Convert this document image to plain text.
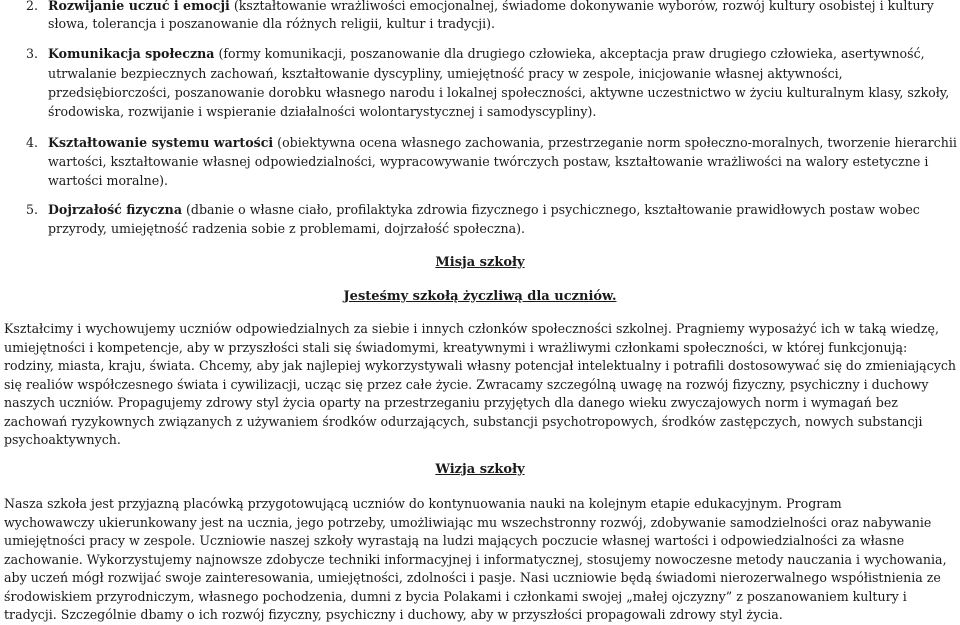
2. Rozwijanie uczuć i emocji (kształtowanie wrażliwości emocjonalnej, świadome dokonywanie wyborów, rozwój kultury osobistej i kultury
słowa, tolerancja i poszanowanie dla różnych religii, kultur i tradycji).
3. Komunikacja społeczna (formy komunikacji, poszanowanie dla drugiego człowieka, akceptacja praw drugiego człowieka, asertywność,
utrwalanie bezpiecznych zachowań, kształtowanie dyscypliny, umiejętność pracy w zespole, inicjowanie własnej aktywności,
przedsiębiorczości, poszanowanie dorobku własnego narodu i lokalnej społeczności, aktywne uczestnictwo w życiu kulturalnym klasy, szkoły,
środowiska, rozwijanie i wspieranie działalności wolontarystycznej i samodyscypliny).
4. Kształtowanie systemu wartości (obiektywna ocena własnego zachowania, przestrzeganie norm społeczno-moralnych, tworzenie hierarchii
wartości, kształtowanie własnej odpowiedzialności, wypracowywanie twórczych postaw, kształtowanie wrażliwości na walory estetyczne i
wartości moralne).
5. Dojrzałość fizyczna (dbanie o własne ciało, profilaktyka zdrowia fizycznego i psychicznego, kształtowanie prawidłowych postaw wobec
przyrody, umiejętność radzenia sobie z problemami, dojrzałość społeczna).
Misja szkoły
Jesteśmy szkołą życzliwą dla uczniów.
Kształcimy i wychowujemy uczniów odpowiedzialnych za siebie i innych członków społeczności szkolnej. Pragniemy wyposażyć ich w taką wiedzę,
umiejętności i kompetencje, aby w przyszłości stali się świadomymi, kreatywnymi i wrażliwymi członkami społeczności, w której funkcjonują:
rodziny, miasta, kraju, świata. Chcemy, aby jak najlepiej wykorzystywali własny potencjał intelektualny i potrafili dostosowywać się do zmieniających
się realiów współczesnego świata i cywilizacji, ucząc się przez całe życie. Zwracamy szczególną uwagę na rozwój fizyczny, psychiczny i duchowy
naszych uczniów. Propagujemy zdrowy styl życia oparty na przestrzeganiu przyjętych dla danego wieku zwyczajowych norm i wymagań bez
zachowań ryzykownych związanych z używaniem środków odurzających, substancji psychotropowych, środków zastępczych, nowych substancji
psychoaktywnych.
Wizja szkoły
Nasza szkoła jest przyjazną placówką przygotowującą uczniów do kontynuowania nauki na kolejnym etapie edukacyjnym. Program
wychowawczy ukierunkowany jest na ucznia, jego potrzeby, umożliwiając mu wszechstronny rozwój, zdobywanie samodzielności oraz nabywanie
umiejętności pracy w zespole. Uczniowie naszej szkoły wyrastają na ludzi mających poczucie własnej wartości i odpowiedzialności za własne
zachowanie. Wykorzystujemy najnowsze zdobycze techniki informacyjnej i informatycznej, stosujemy nowoczesne metody nauczania i wychowania,
aby uczeń mógł rozwijać swoje zainteresowania, umiejętności, zdolności i pasje. Nasi uczniowie będą świadomi nierozerwalnego współistnienia ze
środowiskiem przyrodniczym, własnego pochodzenia, dumni z bycia Polakami i członkami swojej „małej ojczyzny” z poszanowaniem kultury i
tradycji. Szczególnie dbamy o ich rozwój fizyczny, psychiczny i duchowy, aby w przyszłości propagowali zdrowy styl życia.
